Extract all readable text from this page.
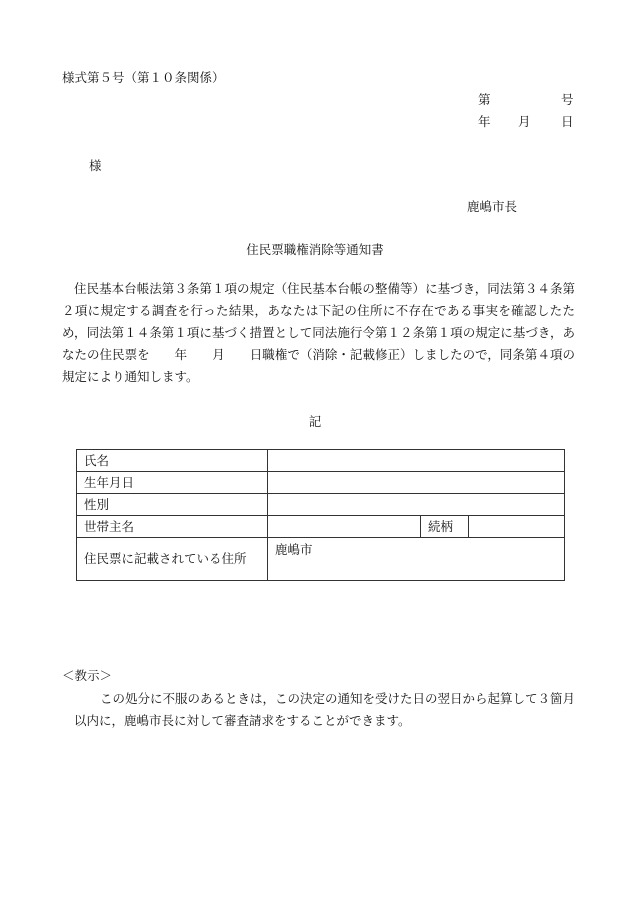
様式第５号（第１０条関係）
第	号
年 月 日
様
鹿嶋市長
住民票職権消除等通知書
住民基本台帳法第３条第１項の規定（住民基本台帳の整備等）に基づき，同法第３４条第２項に規定する調査を行った結果，あなたは下記の住所に不存在である事実を確認したため，同法第１４条第１項に基づく措置として同法施行令第１２条第１項の規定に基づき，あなたの住民票を　　年　　月　　日職権で（消除・記載修正）しましたので，同条第４項の規定により通知します。
記
氏名			
生年月日			
性別			
世帯主名		続柄	
住民票に記載されている住所	鹿嶋市		
＜教示＞
この処分に不服のあるときは，この決定の通知を受けた日の翌日から起算して３箇月以内に，鹿嶋市長に対して審査請求をすることができます。
